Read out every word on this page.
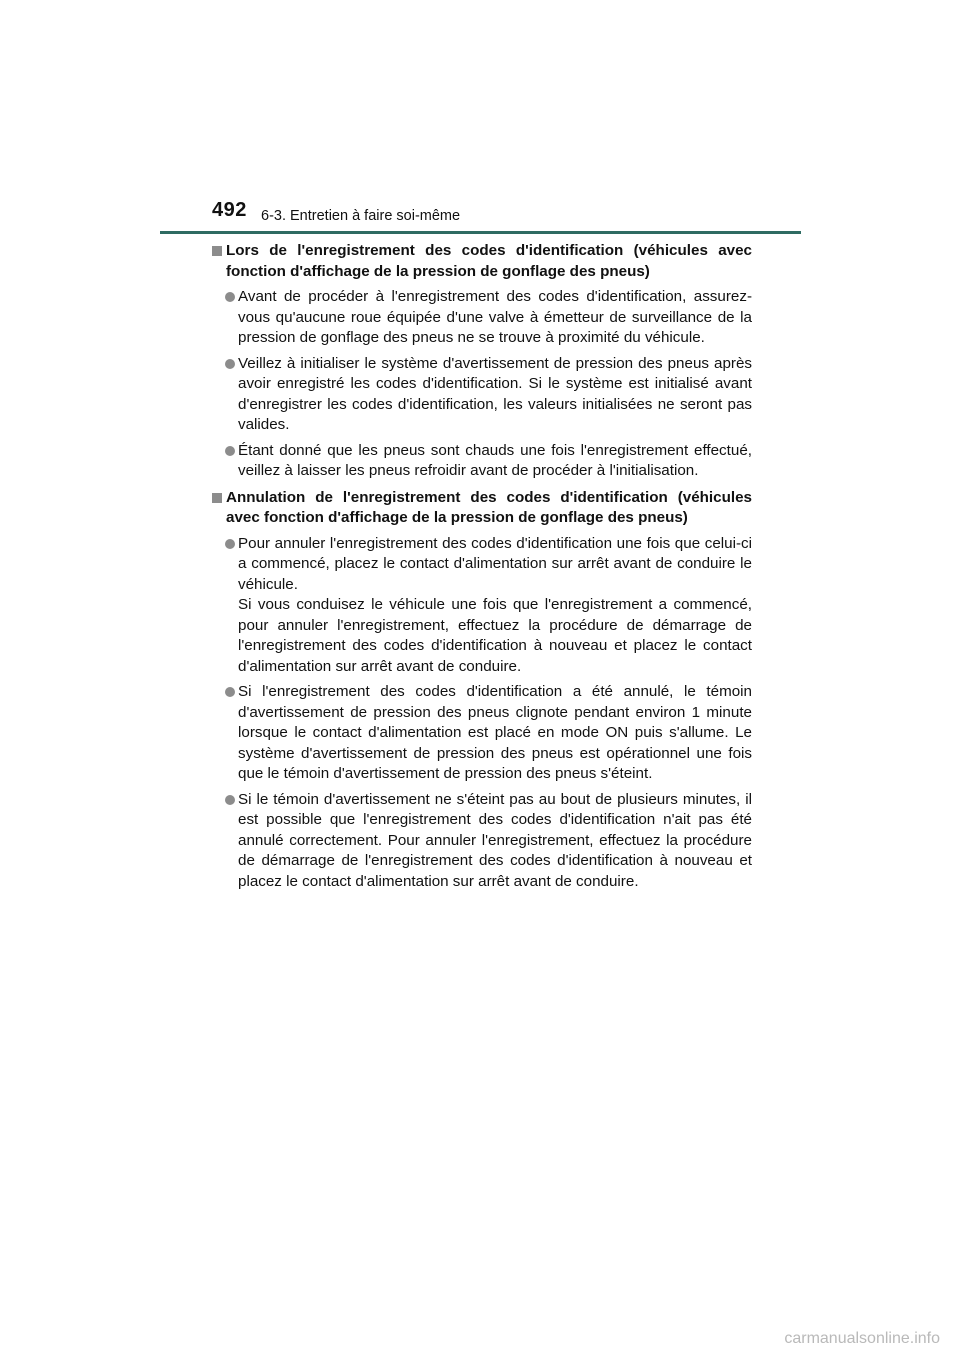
492 6-3. Entretien à faire soi-même
Lors de l'enregistrement des codes d'identification (véhicules avec fonction d'affichage de la pression de gonflage des pneus)
Avant de procéder à l'enregistrement des codes d'identification, assurez-vous qu'aucune roue équipée d'une valve à émetteur de surveillance de la pression de gonflage des pneus ne se trouve à proximité du véhicule.
Veillez à initialiser le système d'avertissement de pression des pneus après avoir enregistré les codes d'identification. Si le système est initialisé avant d'enregistrer les codes d'identification, les valeurs initialisées ne seront pas valides.
Étant donné que les pneus sont chauds une fois l'enregistrement effectué, veillez à laisser les pneus refroidir avant de procéder à l'initialisation.
Annulation de l'enregistrement des codes d'identification (véhicules avec fonction d'affichage de la pression de gonflage des pneus)
Pour annuler l'enregistrement des codes d'identification une fois que celui-ci a commencé, placez le contact d'alimentation sur arrêt avant de conduire le véhicule.
Si vous conduisez le véhicule une fois que l'enregistrement a commencé, pour annuler l'enregistrement, effectuez la procédure de démarrage de l'enregistrement des codes d'identification à nouveau et placez le contact d'alimentation sur arrêt avant de conduire.
Si l'enregistrement des codes d'identification a été annulé, le témoin d'avertissement de pression des pneus clignote pendant environ 1 minute lorsque le contact d'alimentation est placé en mode ON puis s'allume. Le système d'avertissement de pression des pneus est opérationnel une fois que le témoin d'avertissement de pression des pneus s'éteint.
Si le témoin d'avertissement ne s'éteint pas au bout de plusieurs minutes, il est possible que l'enregistrement des codes d'identification n'ait pas été annulé correctement. Pour annuler l'enregistrement, effectuez la procédure de démarrage de l'enregistrement des codes d'identification à nouveau et placez le contact d'alimentation sur arrêt avant de conduire.
carmanualsonline.info
